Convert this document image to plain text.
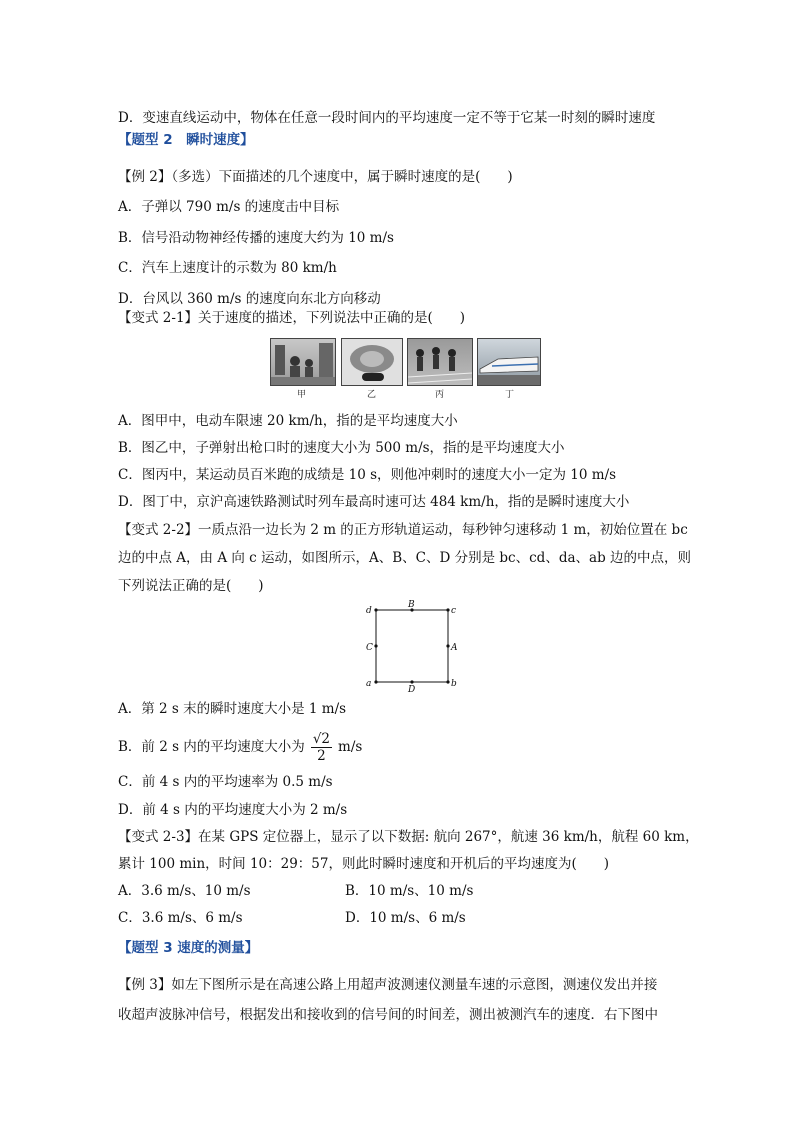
D．变速直线运动中，物体在任意一段时间内的平均速度一定不等于它某一时刻的瞬时速度
【题型 2　瞬时速度】
【例 2】（多选）下面描述的几个速度中，属于瞬时速度的是(　　)
A．子弹以 790 m/s 的速度击中目标
B．信号沿动物神经传播的速度大约为 10 m/s
C．汽车上速度计的示数为 80 km/h
D．台风以 360 m/s 的速度向东北方向移动
【变式 2-1】关于速度的描述，下列说法中正确的是(　　)
甲	乙	丙	丁
A．图甲中，电动车限速 20 km/h，指的是平均速度大小
B．图乙中，子弹射出枪口时的速度大小为 500 m/s，指的是平均速度大小
C．图丙中，某运动员百米跑的成绩是 10 s，则他冲刺时的速度大小一定为 10 m/s
D．图丁中，京沪高速铁路测试时列车最高时速可达 484 km/h，指的是瞬时速度大小
【变式 2-2】一质点沿一边长为 2 m 的正方形轨道运动，每秒钟匀速移动 1 m，初始位置在 bc
边的中点 A，由 A 向 c 运动，如图所示，A、B、C、D 分别是 bc、cd、da、ab 边的中点，则
下列说法正确的是(　　)
d
B
c
C	A
a
D
b
A．第 2 s 末的瞬时速度大小是 1 m/s
B．前 2 s 内的平均速度大小为 $\frac{√2}{2} m/s$
C．前 4 s 内的平均速率为 0.5 m/s
D．前 4 s 内的平均速度大小为 2 m/s
【变式 2-3】在某 GPS 定位器上，显示了以下数据: 航向 267°，航速 36 km/h，航程 60 km，
累计 100 min，时间 10：29：57，则此时瞬时速度和开机后的平均速度为(　　)
A．3.6 m/s、10 m/s	B．10 m/s、10 m/s
C．3.6 m/s、6 m/s	D．10 m/s、6 m/s
【题型 3 速度的测量】
【例 3】如左下图所示是在高速公路上用超声波测速仪测量车速的示意图，测速仪发出并接
收超声波脉冲信号，根据发出和接收到的信号间的时间差，测出被测汽车的速度．右下图中
